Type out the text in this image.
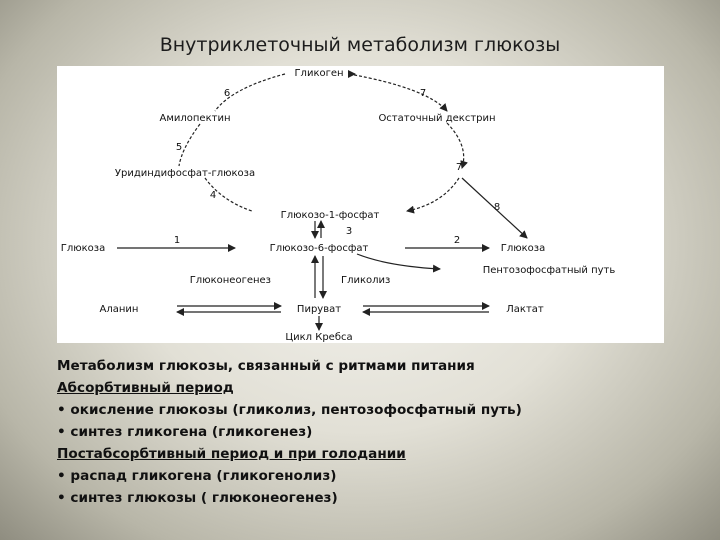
Внутриклеточный метаболизм глюкозы
Гликоген
Амилопектин	Остаточный декстрин
Уридиндифосфат-глюкоза
Глюкозо-1-фосфат
Глюкоза	Глюкозо-6-фосфат	Глюкоза
Пентозофосфатный путь
Глюконеогенез	Гликолиз
Аланин	Пируват	Лактат
Цикл Кребса
1	2
3
4
5
6	7
7
8
Метаболизм глюкозы, связанный с ритмами питания
Абсорбтивный период
• окисление глюкозы (гликолиз, пентозофосфатный путь)
• синтез гликогена (гликогенез)
Постабсорбтивный период и при голодании
• распад гликогена (гликогенолиз)
• синтез глюкозы ( глюконеогенез)
